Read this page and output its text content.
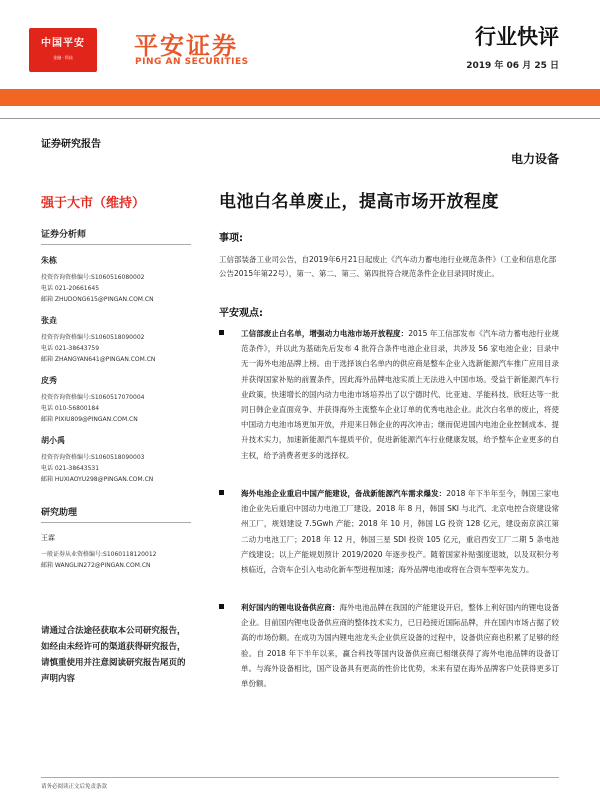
中国平安
金融 · 科技	平安证券
PING AN SECURITIES
行业快评
2019 年 06 月 25 日
证券研究报告
强于大市（维持）
证券分析师
朱栋
投资咨询资格编号:S1060516080002
电话 021-20661645
邮箱 ZHUDONG615@PINGAN.COM.CN
张垚
投资咨询资格编号:S1060518090002
电话 021-38643759
邮箱 ZHANGYAN641@PINGAN.COM.CN
皮秀
投资咨询资格编号:S1060517070004
电话 010-56800184
邮箱 PIXIU809@PINGAN.COM.CN
胡小禹
投资咨询资格编号:S1060518090003
电话 021-38643531
邮箱 HUXIAOYU298@PINGAN.COM.CN
研究助理
王霖
一般证券从业资格编号:S1060118120012
邮箱 WANGLIN272@PINGAN.COM.CN
请通过合法途径获取本公司研究报告，如经由未经许可的渠道获得研究报告，请慎重使用并注意阅读研究报告尾页的声明内容
电力设备
电池白名单废止，提高市场开放程度
事项:
工信部装备工业司公告，自2019年6月21日起废止《汽车动力蓄电池行业规范条件》（工业和信息化部公告2015年第22号），第一、第二、第三、第四批符合规范条件企业目录同时废止。
平安观点:
工信部废止白名单，增强动力电池市场开放程度：2015 年工信部发布《汽车动力蓄电池行业规范条件》，并以此为基础先后发布 4 批符合条件电池企业目录，共涉及 56 家电池企业；目录中无一海外电池品牌上榜。由于选择该白名单内的供应商是整车企业入选新能源汽车推广应用目录并获得国家补贴的前置条件，因此海外品牌电池实质上无法进入中国市场。受益于新能源汽车行业政策，快速增长的国内动力电池市场培养出了以宁德时代、比亚迪、孚能科技、欣旺达等一批同日韩企业直面竞争、并获得海外主流整车企业订单的优秀电池企业。此次白名单的废止，将使中国动力电池市场更加开放，并迎来日韩企业的再次冲击；继而促进国内电池企业控制成本、提升技术实力，加速新能源汽车提质平价，促进新能源汽车行业健康发展，给予整车企业更多的自主权，给予消费者更多的选择权。
海外电池企业重启中国产能建设，备战新能源汽车需求爆发：2018 年下半年至今，韩国三家电池企业先后重启中国动力电池工厂建设。2018 年 8 月，韩国 SKI 与北汽、北京电控合资建设常州工厂，规划建设 7.5Gwh 产能；2018 年 10 月，韩国 LG 投资 128 亿元，建设南京滨江第二动力电池工厂；2018 年 12 月，韩国三星 SDI 投资 105 亿元，重启西安工厂二期 5 条电池产线建设；以上产能规划预计 2019/2020 年逐步投产。随着国家补贴强度退坡，以及双积分考核临近，合资车企引入电动化新车型进程加速；海外品牌电池或将在合资车型率先发力。
利好国内的锂电设备供应商：海外电池品牌在我国的产能建设开启，整体上利好国内的锂电设备企业。目前国内锂电设备供应商的整体技术实力，已日趋接近国际品牌，并在国内市场占据了较高的市场份额。在成功为国内锂电池龙头企业供应设备的过程中，设备供应商也积累了足够的经验。自 2018 年下半年以来，赢合科技等国内设备供应商已相继获得了海外电池品牌的设备订单。与海外设备相比，国产设备具有更高的性价比优势，未来有望在海外品牌客户处获得更多订单份额。
请务必阅读正文后免责条款
